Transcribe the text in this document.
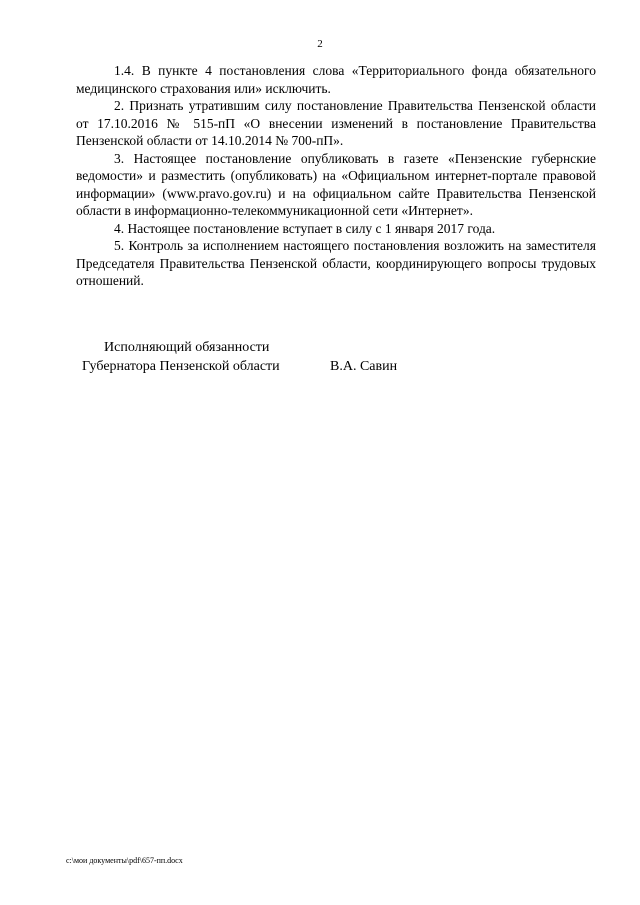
2

1.4. В пункте 4 постановления слова «Территориального фонда обязательного медицинского страхования или» исключить.

2. Признать утратившим силу постановление Правительства Пензенской области от 17.10.2016 № 515-пП «О внесении изменений в постановление Правительства Пензенской области от 14.10.2014 № 700-пП».

3. Настоящее постановление опубликовать в газете «Пензенские губернские ведомости» и разместить (опубликовать) на «Официальном интернет-портале правовой информации» (www.pravo.gov.ru) и на официальном сайте Правительства Пензенской области в информационно-телекоммуникационной сети «Интернет».

4. Настоящее постановление вступает в силу с 1 января 2017 года.

5. Контроль за исполнением настоящего постановления возложить на заместителя Председателя Правительства Пензенской области, координирующего вопросы трудовых отношений.

Исполняющий обязанности
Губернатора Пензенской области	В.А. Савин
c:\мои документы\pdf\657-пп.docx
